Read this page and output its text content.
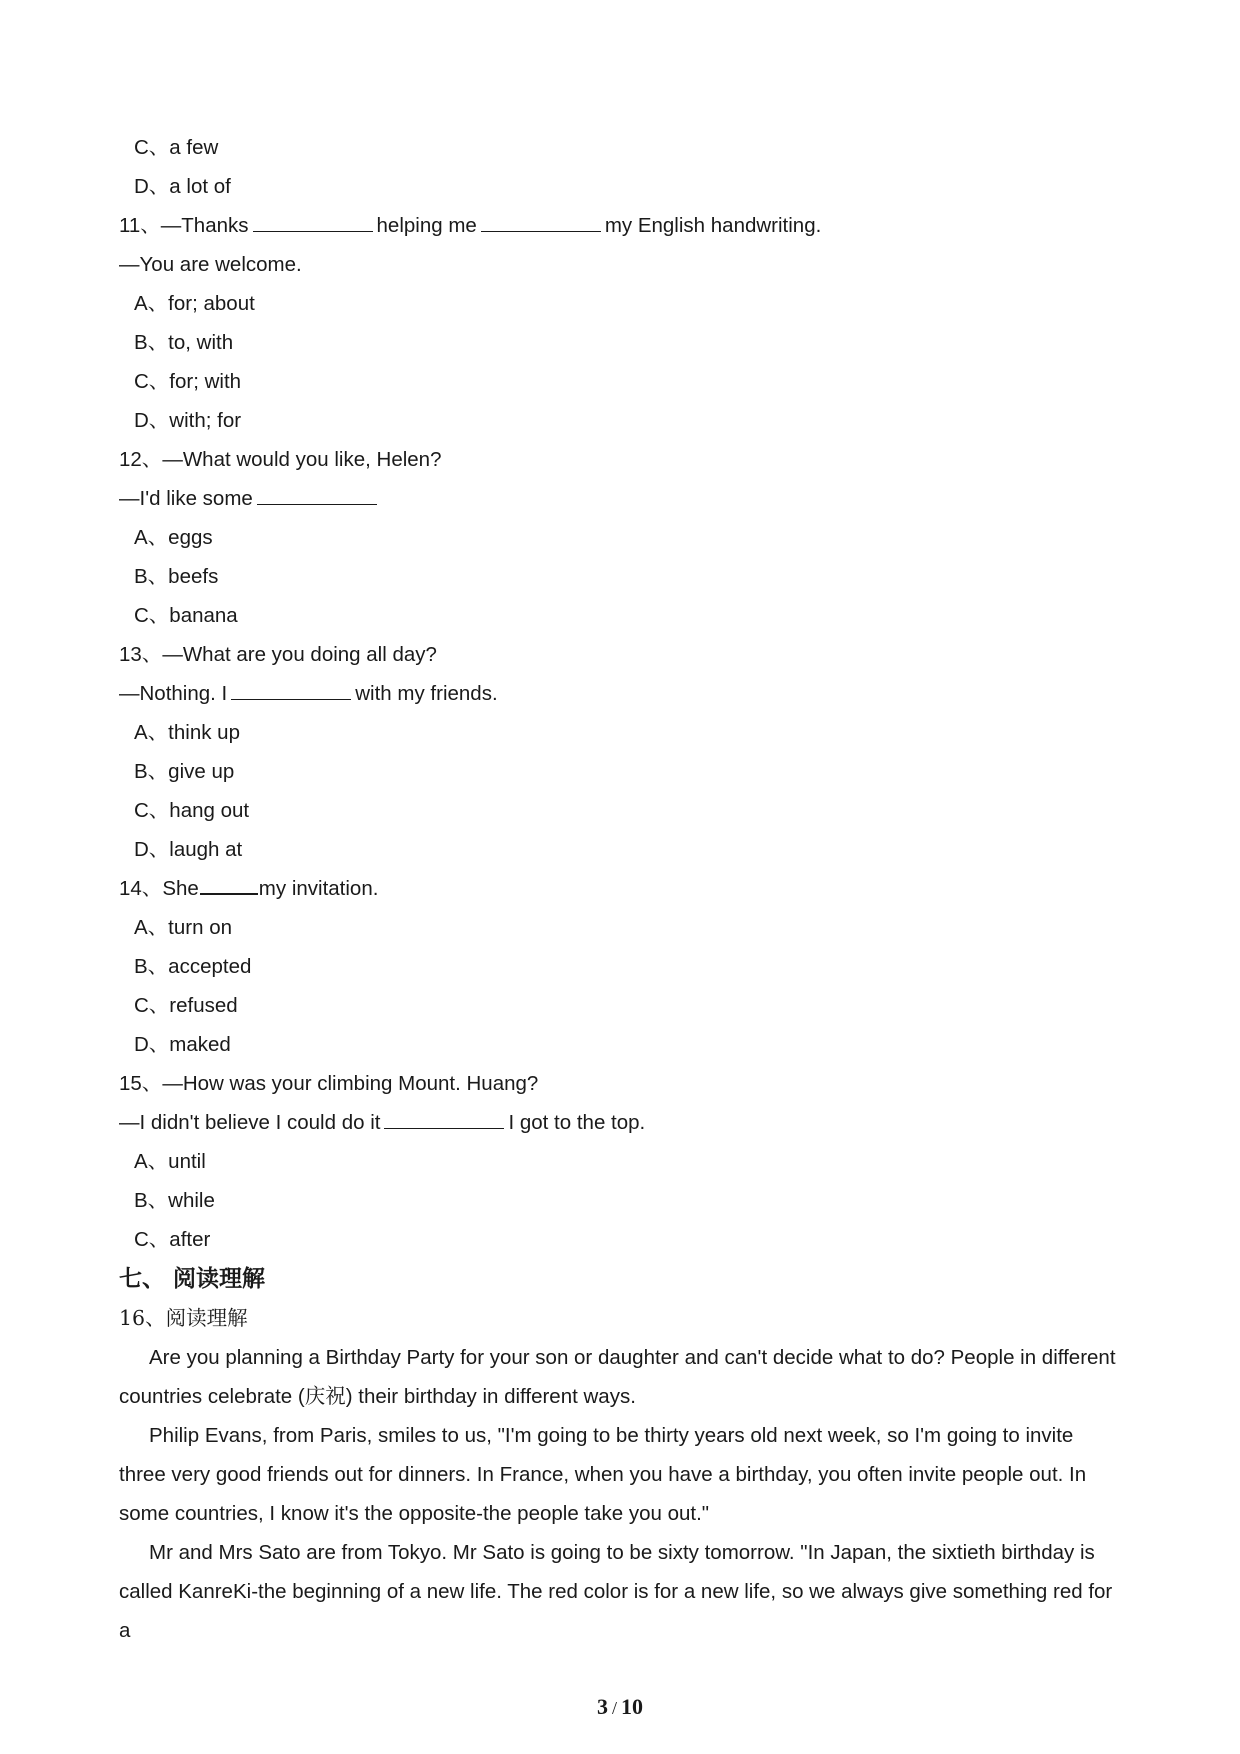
C、a few
D、a lot of
11、—Thanks	helping me	my English handwriting.
—You are welcome.
A、for; about
B、to, with
C、for; with
D、with; for
12、—What would you like, Helen?
—I'd like some
A、eggs
B、beefs
C、banana
13、—What are you doing all day?
—Nothing. I	with my friends.
A、think up
B、give up
C、hang out
D、laugh at
14、She	my invitation.
A、turn on
B、accepted
C、refused
D、maked
15、—How was your climbing Mount. Huang?
—I didn't believe I could do it	I got to the top.
A、until
B、while
C、after
七、 阅读理解
16、阅读理解

Are you planning a Birthday Party for your son or daughter and can't decide what to do? People in different countries celebrate (庆祝) their birthday in different ways.

Philip Evans, from Paris, smiles to us, "I'm going to be thirty years old next week, so I'm going to invite three very good friends out for dinners. In France, when you have a birthday, you often invite people out. In some countries, I know it's the opposite-the people take you out."

Mr and Mrs Sato are from Tokyo. Mr Sato is going to be sixty tomorrow. "In Japan, the sixtieth birthday is called KanreKi-the beginning of a new life. The red color is for a new life, so we always give something red for a

3 / 10
